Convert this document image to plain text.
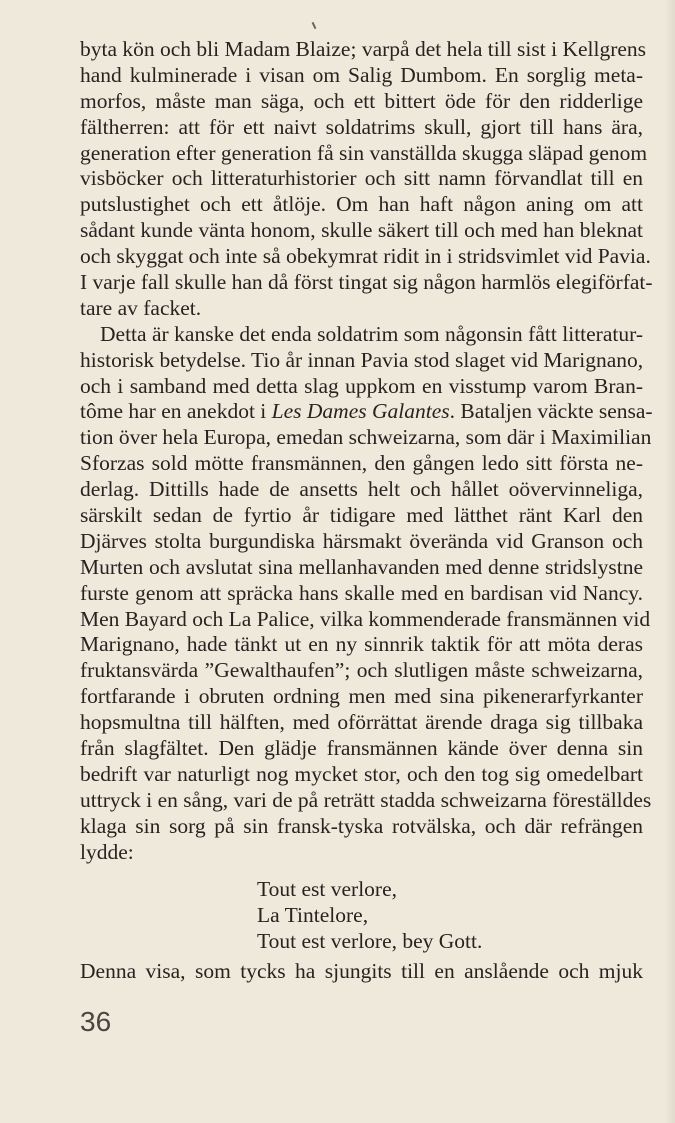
byta kön och bli Madam Blaize; varpå det hela till sist i Kellgrens
hand kulminerade i visan om Salig Dumbom. En sorglig meta-
morfos, måste man säga, och ett bittert öde för den ridderlige
fältherren: att för ett naivt soldatrims skull, gjort till hans ära,
generation efter generation få sin vanställda skugga släpad genom
visböcker och litteraturhistorier och sitt namn förvandlat till en
putslustighet och ett åtlöje. Om han haft någon aning om att
sådant kunde vänta honom, skulle säkert till och med han bleknat
och skyggat och inte så obekymrat ridit in i stridsvimlet vid Pavia.
I varje fall skulle han då först tingat sig någon harmlös elegiförfat-
tare av facket.
Detta är kanske det enda soldatrim som någonsin fått litteratur-
historisk betydelse. Tio år innan Pavia stod slaget vid Marignano,
och i samband med detta slag uppkom en visstump varom Bran-
tôme har en anekdot i Les Dames Galantes. Bataljen väckte sensa-
tion över hela Europa, emedan schweizarna, som där i Maximilian
Sforzas sold mötte fransmännen, den gången ledo sitt första ne-
derlag. Dittills hade de ansetts helt och hållet oövervinneliga,
särskilt sedan de fyrtio år tidigare med lätthet ränt Karl den
Djärves stolta burgundiska härsmakt överända vid Granson och
Murten och avslutat sina mellanhavanden med denne stridslystne
furste genom att spräcka hans skalle med en bardisan vid Nancy.
Men Bayard och La Palice, vilka kommenderade fransmännen vid
Marignano, hade tänkt ut en ny sinnrik taktik för att möta deras
fruktansvärda ”Gewalthaufen”; och slutligen måste schweizarna,
fortfarande i obruten ordning men med sina pikenerarfyrkanter
hopsmultna till hälften, med oförrättat ärende draga sig tillbaka
från slagfältet. Den glädje fransmännen kände över denna sin
bedrift var naturligt nog mycket stor, och den tog sig omedelbart
uttryck i en sång, vari de på reträtt stadda schweizarna föreställdes
klaga sin sorg på sin fransk-tyska rotvälska, och där refrängen
lydde:
Tout est verlore,
La Tintelore,
Tout est verlore, bey Gott.
Denna visa, som tycks ha sjungits till en anslående och mjuk
36
